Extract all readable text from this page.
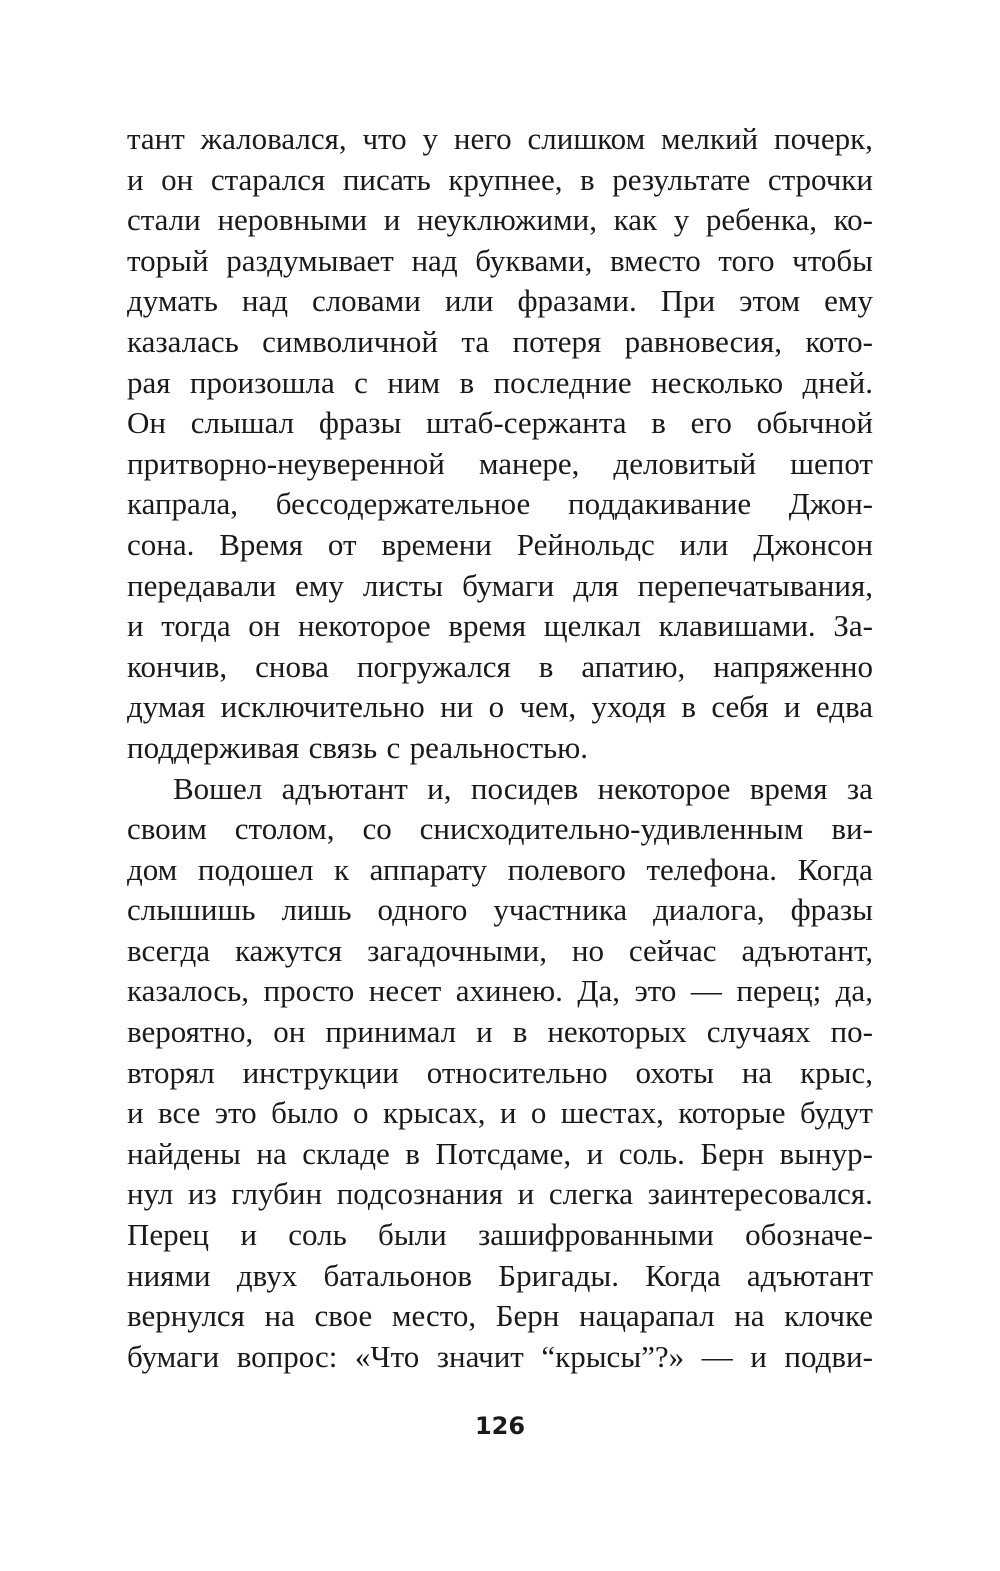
тант жаловался, что у него слишком мелкий почерк,
и он старался писать крупнее, в результате строчки
стали неровными и неуклюжими, как у ребенка, ко-
торый раздумывает над буквами, вместо того чтобы
думать над словами или фразами. При этом ему
казалась символичной та потеря равновесия, кото-
рая произошла с ним в последние несколько дней.
Он слышал фразы штаб-сержанта в его обычной
притворно-неуверенной манере, деловитый шепот
капрала, бессодержательное поддакивание Джон-
сона. Время от времени Рейнольдс или Джонсон
передавали ему листы бумаги для перепечатывания,
и тогда он некоторое время щелкал клавишами. За-
кончив, снова погружался в апатию, напряженно
думая исключительно ни о чем, уходя в себя и едва
поддерживая связь с реальностью.
Вошел адъютант и, посидев некоторое время за
своим столом, со снисходительно-удивленным ви-
дом подошел к аппарату полевого телефона. Когда
слышишь лишь одного участника диалога, фразы
всегда кажутся загадочными, но сейчас адъютант,
казалось, просто несет ахинею. Да, это — перец; да,
вероятно, он принимал и в некоторых случаях по-
вторял инструкции относительно охоты на крыс,
и все это было о крысах, и о шестах, которые будут
найдены на складе в Потсдаме, и соль. Берн вынyр-
нул из глубин подсознания и слегка заинтересовался.
Перец и соль были зашифрованными обозначе-
ниями двух батальонов Бригады. Когда адъютант
вернулся на свое место, Берн нацарапал на клочке
бумаги вопрос: «Что значит “крысы”?» — и подви-
126
